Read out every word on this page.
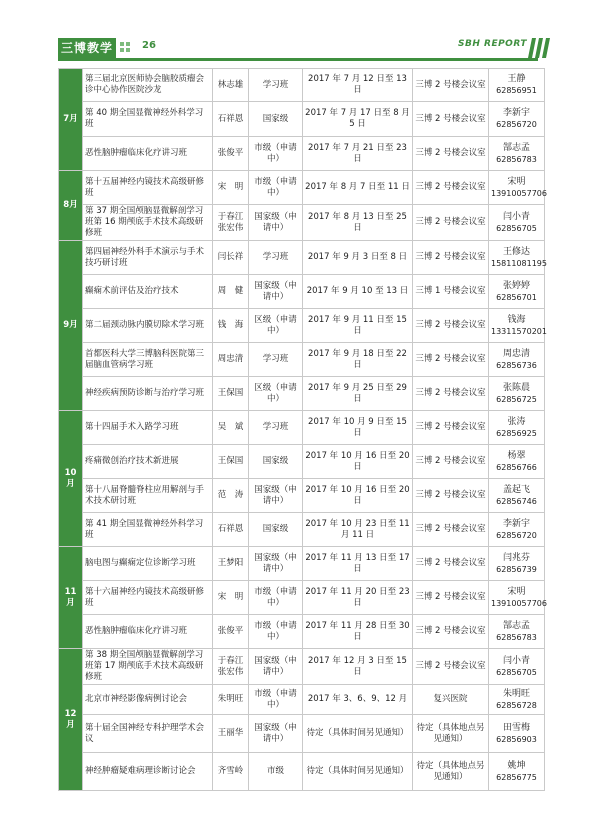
三博教学	26	SBH REPORT
7月	第三届北京医师协会脑胶质瘤会诊中心协作医院沙龙	林志雄	学习班	2017 年 7 月 12 日至 13 日	三博 2 号楼会议室	王静
62856951

	第 40 期全国显微神经外科学习班	石祥恩	国家级	2017 年 7 月 17 日至 8 月 5 日	三博 2 号楼会议室	李新宇
62856720

	恶性脑肿瘤临床化疗讲习班	张俊平	市级（申请中）	2017 年 7 月 21 日至 23 日	三博 2 号楼会议室	郜志孟
62856783

8月	第十五届神经内镜技术高级研修班	宋　明	市级（申请中）	2017 年 8 月 7 日至 11 日	三博 2 号楼会议室	宋明
13910057706

	第 37 期全国颅脑显微解剖学习班第 16 期颅底手术技术高级研修班	于春江张宏伟	国家级（申请中）	2017 年 8 月 13 日至 25 日	三博 2 号楼会议室	闫小青
62856705

9月	第四届神经外科手术演示与手术技巧研讨班	闫长祥	学习班	2017 年 9 月 3 日至 8 日	三博 2 号楼会议室	王修达
15811081195

	癫痫术前评估及治疗技术	周　健	国家级（申请中）	2017 年 9 月 10 至 13 日	三博 1 号楼会议室	张婷婷
62856701

	第二届颈动脉内膜切除术学习班	钱　海	区级（申请中）	2017 年 9 月 11 日至 15 日	三博 2 号楼会议室	钱海
13311570201

	首都医科大学三博脑科医院第三届脑血管病学习班	周忠清	学习班	2017 年 9 月 18 日至 22 日	三博 2 号楼会议室	周忠清
62856736

	神经疾病预防诊断与治疗学习班	王保国	区级（申请中）	2017 年 9 月 25 日至 29 日	三博 2 号楼会议室	张陈晨
62856725

10月	第十四届手术入路学习班	吴　斌	学习班	2017 年 10 月 9 日至 15 日	三博 2 号楼会议室	张涛
62856925

	疼痛微创治疗技术新进展	王保国	国家级	2017 年 10 月 16 日至 20 日	三博 2 号楼会议室	杨翠
62856766

	第十八届脊髓脊柱应用解剖与手术技术研讨班	范　涛	国家级（申请中）	2017 年 10 月 16 日至 20 日	三博 2 号楼会议室	盖起飞
62856746

	第 41 期全国显微神经外科学习班	石祥恩	国家级	2017 年 10 月 23 日至 11 月 11 日	三博 2 号楼会议室	李新宇
62856720

11月	脑电图与癫痫定位诊断学习班	王梦阳	国家级（申请中）	2017 年 11 月 13 日至 17 日	三博 2 号楼会议室	闫兆芬
62856739

	第十六届神经内镜技术高级研修班	宋　明	市级（申请中）	2017 年 11 月 20 日至 23 日	三博 2 号楼会议室	宋明
13910057706

	恶性脑肿瘤临床化疗讲习班	张俊平	市级（申请中）	2017 年 11 月 28 日至 30 日	三博 2 号楼会议室	郜志孟
62856783

12月	第 38 期全国颅脑显微解剖学习班第 17 期颅底手术技术高级研修班	于春江张宏伟	国家级（申请中）	2017 年 12 月 3 日至 15 日	三博 2 号楼会议室	闫小青
62856705

	北京市神经影像病例讨论会	朱明旺	市级（申请中）	2017 年 3、6、9、12 月	复兴医院	朱明旺
62856728

	第十届全国神经专科护理学术会议	王丽华	国家级（申请中）	待定（具体时间另见通知）	待定（具体地点另见通知）	田雪梅
62856903

	神经肿瘤疑难病理诊断讨论会	齐雪岭	市级	待定（具体时间另见通知）	待定（具体地点另见通知）	姚坤
62856775
